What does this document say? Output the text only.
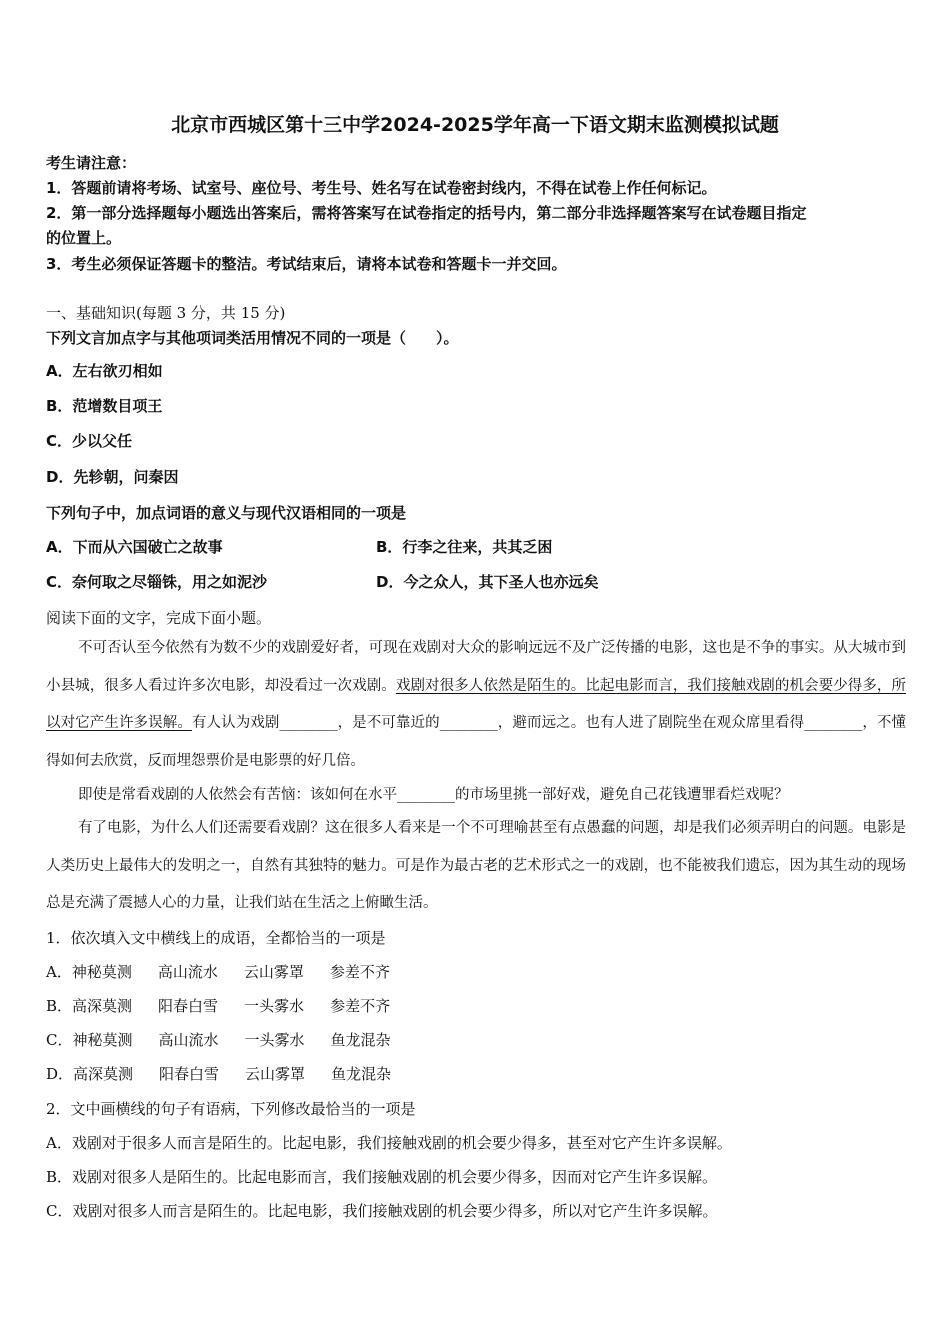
北京市西城区第十三中学2024-2025学年高一下语文期末监测模拟试题
考生请注意：
1．答题前请将考场、试室号、座位号、考生号、姓名写在试卷密封线内，不得在试卷上作任何标记。
2．第一部分选择题每小题选出答案后，需将答案写在试卷指定的括号内，第二部分非选择题答案写在试卷题目指定
的位置上。
3．考生必须保证答题卡的整洁。考试结束后，请将本试卷和答题卡一并交回。
一、基础知识(每题 3 分，共 15 分)
下列文言加点字与其他项词类活用情况不同的一项是（　　）。
A．左右欲刃相如
B．范增数目项王
C．少以父任
D．先轸朝，问秦因
下列句子中，加点词语的意义与现代汉语相同的一项是
A．下而从六国破亡之故事	B．行李之往来，共其乏困
C．奈何取之尽锱铢，用之如泥沙	D．今之众人，其下圣人也亦远矣
阅读下面的文字，完成下面小题。
不可否认至今依然有为数不少的戏剧爱好者，可现在戏剧对大众的影响远远不及广泛传播的电影，这也是不争的事实。从大城市到小县城，很多人看过许多次电影，却没看过一次戏剧。戏剧对很多人依然是陌生的。比起电影而言，我们接触戏剧的机会要少得多，所以对它产生许多误解。有人认为戏剧________，是不可靠近的________，避而远之。也有人进了剧院坐在观众席里看得________，不懂得如何去欣赏，反而埋怨票价是电影票的好几倍。
即使是常看戏剧的人依然会有苦恼：该如何在水平________的市场里挑一部好戏，避免自己花钱遭罪看烂戏呢？
有了电影，为什么人们还需要看戏剧？这在很多人看来是一个不可理喻甚至有点愚蠢的问题，却是我们必须弄明白的问题。电影是人类历史上最伟大的发明之一，自然有其独特的魅力。可是作为最古老的艺术形式之一的戏剧，也不能被我们遗忘，因为其生动的现场总是充满了震撼人心的力量，让我们站在生活之上俯瞰生活。
1．依次填入文中横线上的成语，全都恰当的一项是
A．神秘莫测 高山流水 云山雾罩 参差不齐
B．高深莫测 阳春白雪 一头雾水 参差不齐
C．神秘莫测 高山流水 一头雾水 鱼龙混杂
D．高深莫测 阳春白雪 云山雾罩 鱼龙混杂
2．文中画横线的句子有语病，下列修改最恰当的一项是
A．戏剧对于很多人而言是陌生的。比起电影，我们接触戏剧的机会要少得多，甚至对它产生许多误解。
B．戏剧对很多人是陌生的。比起电影而言，我们接触戏剧的机会要少得多，因而对它产生许多误解。
C．戏剧对很多人而言是陌生的。比起电影，我们接触戏剧的机会要少得多，所以对它产生许多误解。
